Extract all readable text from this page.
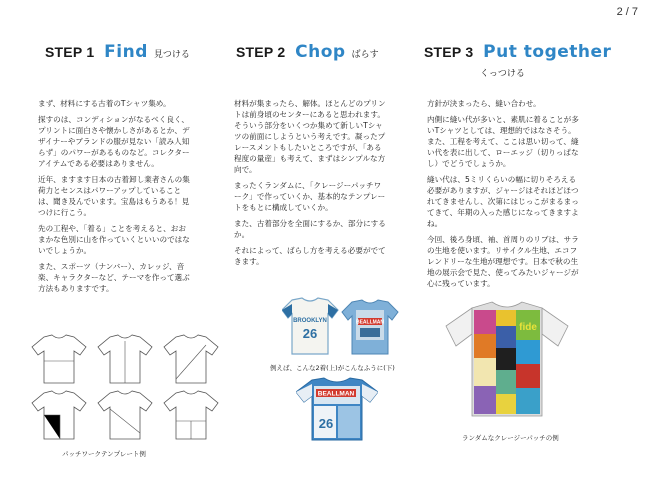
2 / 7
STEP 1 Find 見つける	STEP 2 Chop ばらす	STEP 3 Put together
くっつける

まず、材料にする古着のTシャツ集め。

探すのは、コンディションがなるべく良く、プリントに面白さや懐かしさがあるとか、デザイナーやブランドの服が見ない「読み人知らず」のパワーがあるものなど。コレクターアイテムである必要はありません。

近年、ますます日本の古着卸し業者さんの集荷力とセンスはパワーアップしていることは、聞き及んでいます。宝島はもうある！見つけに行こう。

先の工程や、「着る」ことを考えると、おおまかな色別に山を作っていくといいのではないでしょうか。

また、スポーツ（ナンバー）、カレッジ、音楽、キャラクターなど、テーマを作って選ぶ方法もありますです。

材料が集まったら、解体。ほとんどのプリントは前身頃のセンターにあると思われます。そういう部分をいくつか集めて新しいTシャツの前面にしようという考えです。凝ったプレースメントもしたいところですが、「ある程度の量産」も考えて、まずはシンプルな方向で。

まったくランダムに、「クレージーパッチワーク」で作っていくか、基本的なテンプレートをもとに構成していくか。

また、古着部分を全面にするか、部分にするか。

それによって、ばらし方を考える必要がでてきます。

方針が決まったら、縫い合わせ。

内側に縫い代が多いと、素肌に着ることが多いTシャツとしては、理想的ではなさそう。また、工程を考えて、ここは思い切って、縫い代を表に出して、ローエッジ（切りっぱなし）でどうでしょうか。

縫い代は、5ミリくらいの幅に切りそろえる必要がありますが、ジャージはそれほどほつれてきませんし、次第にはじっこがまるまってきて、年期の入った感じになってきますよね。

今回、後ろ身頃、袖、首周りのリブは、サラの生地を使います。リサイクル生地、エコフレンドリーな生地が理想です。日本で秋の生地の展示会で見た、使ってみたいジャージが心に残っています。

パッチワークテンプレート例
BROOKLYN
26
BEALLMAN
例えば、こんな2着(上)がこんなふうに(下)
BEALLMAN
26
fide
ランダムなクレージーパッチの例
